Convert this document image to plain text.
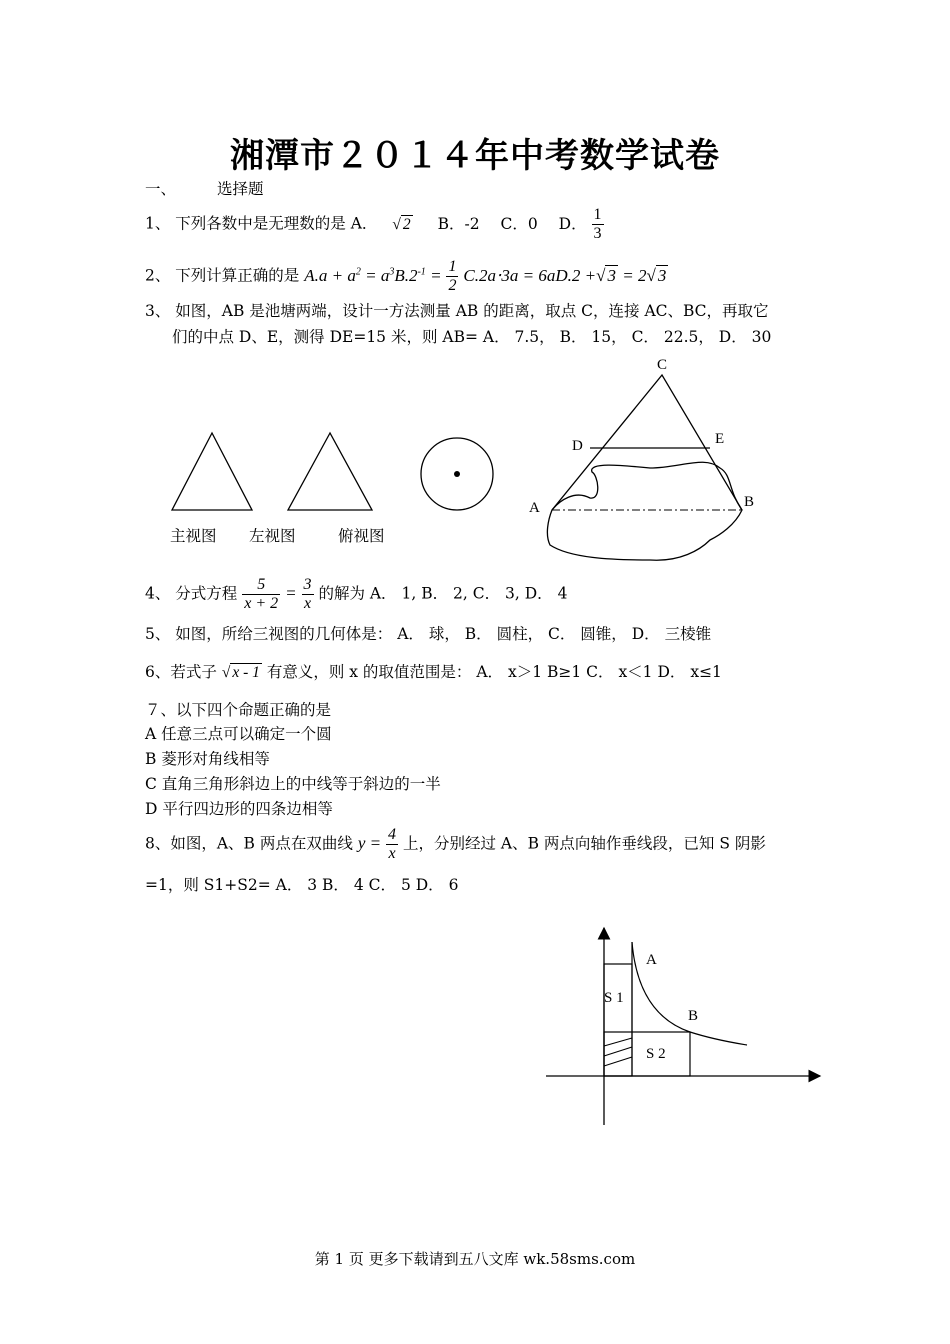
湘潭市２０１４年中考数学试卷
一、	选择题
1、 下列各数中是无理数的是 A． √ 2 B．-2 C．0 D． $\frac{1}{3}$
2、 下列计算正确的是 $A.a + a^2 = a^3B.2^{-1} = \frac{1}{2} C.2a\cdot 3a = 6aD.2$ +√ 3 = 2√ 3
3、 如图，AB 是池塘两端，设计一方法测量 AB 的距离，取点 C，连接 AC、BC，再取它
们的中点 D、E，测得 DE=15 米，则 AB= A． 7.5， B． 15， C． 22.5， D． 30
主视图 左视图	俯视图
C
D	E
A	B
4、 分式方程 $\frac{5}{x + 2} = \frac{3}{x}$ 的解为 A． 1, B． 2, C． 3, D． 4
5、 如图，所给三视图的几何体是： A． 球， B． 圆柱， C． 圆锥， D． 三棱锥
6、若式子 √ x - 1 有意义，则 x 的取值范围是： A． x＞1 B≥1 C． x＜1 D． x≤1
７、以下四个命题正确的是
A 任意三点可以确定一个圆
B 菱形对角线相等
C 直角三角形斜边上的中线等于斜边的一半
D 平行四边形的四条边相等
8、如图，A、B 两点在双曲线 $y = \frac{4}{x}$ 上，分别经过 A、B 两点向轴作垂线段，已知 S 阴影
=1，则 S1+S2= A． 3 B． 4 C． 5 D． 6
A
B
S 1
S 2
第 1 页 更多下载请到五八文库 wk.58sms.com
